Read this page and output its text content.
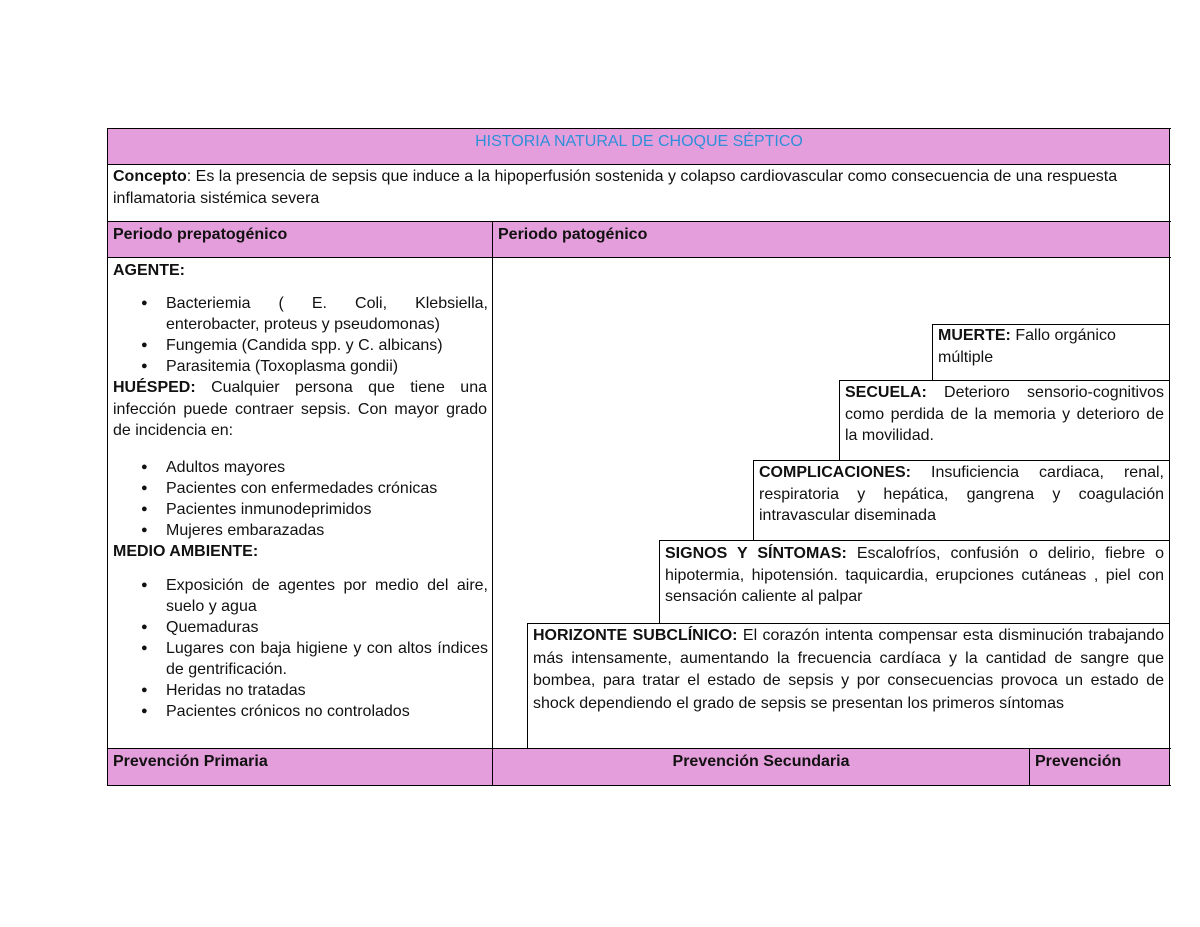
HISTORIA NATURAL DE CHOQUE SÉPTICO
Concepto: Es la presencia de sepsis que induce a la hipoperfusión sostenida y colapso cardiovascular como consecuencia de una respuesta inflamatoria sistémica severa
Periodo prepatogénico	Periodo patogénico
AGENTE:
● Bacteriemia ( E. Coli, Klebsiella, enterobacter, proteus y pseudomonas)
● Fungemia (Candida spp. y C. albicans)
● Parasitemia (Toxoplasma gondii)
HUÉSPED: Cualquier persona que tiene una infección puede contraer sepsis. Con mayor grado de incidencia en:
● Adultos mayores
● Pacientes con enfermedades crónicas
● Pacientes inmunodeprimidos
● Mujeres embarazadas
MEDIO AMBIENTE:
● Exposición de agentes por medio del aire, suelo y agua
● Quemaduras
● Lugares con baja higiene y con altos índices de gentrificación.
● Heridas no tratadas
● Pacientes crónicos no controlados
MUERTE: Fallo orgánico múltiple
SECUELA: Deterioro sensorio-cognitivos como perdida de la memoria y deterioro de la movilidad.
COMPLICACIONES: Insuficiencia cardiaca, renal, respiratoria y hepática, gangrena y coagulación intravascular diseminada
SIGNOS Y SÍNTOMAS: Escalofríos, confusión o delirio, fiebre o hipotermia, hipotensión. taquicardia, erupciones cutáneas , piel con sensación caliente al palpar
HORIZONTE SUBCLÍNICO: El corazón intenta compensar esta disminución trabajando más intensamente, aumentando la frecuencia cardíaca y la cantidad de sangre que bombea, para tratar el estado de sepsis y por consecuencias provoca un estado de shock dependiendo el grado de sepsis se presentan los primeros síntomas
Prevención Primaria	Prevención Secundaria	Prevención
